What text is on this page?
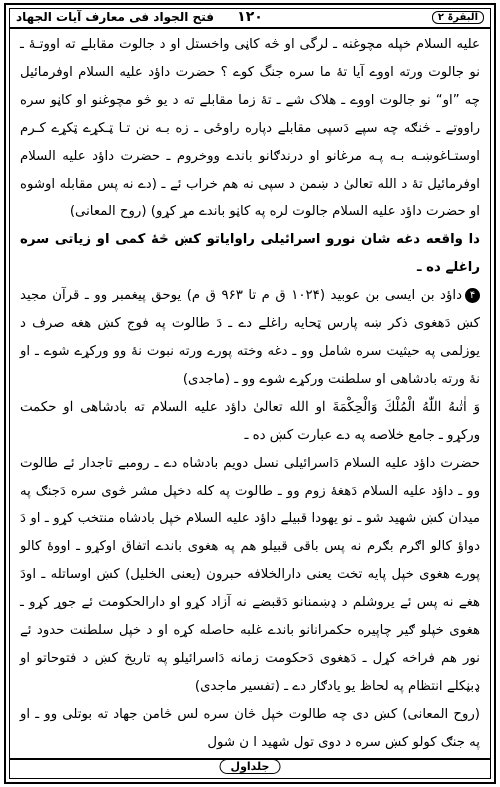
فتح الجواد فی معارف آیات الجھاد	۱۲۰	البقرۃ ۲

علیه السلام خپله مچوغنه ـ لرگی او څه کاڼی واخستل او د جالوت مقابلے ته اووتـۀ ـ نو جالوت ورته اووے آیا تۀ ما سره جنگ کوے ؟ حضرت داؤد علیه السلام اوفرمائیل چه ”او“ نو جالوت اووے ـ هلاک شے ـ تۀ زما مقابلے ته د یو څو مچوغنو او کاڼو سره راووتے ـ څنګه چه سپے دَسپی مقابلے دپاره راوځی ـ زه بـه نن تـا ټـکړے ټکړے کـرم اوستـاغوښـه بـه پـه مرغانو او درندګانو باندے ووخروم ـ حضرت داؤد علیه السلام اوفرمائیل تۀ د الله تعالیٰ د ښمن د سپی نه هم خراب ئے ـ (دے نه پس مقابله اوشوه او حضرت داؤد علیه السلام جالوت لره په کاڼو باندے مړ کړو) (روح المعانی)

دا واقعه دغه شان نورو اسرائیلی راوایاتو کښ څۀ کمی او زیاتی سره راغلے ده ـ

۴داؤد بن ایسی بن عوبید (۱۰۲۴ ق م تا ۹۶۳ ق م) یوحق پیغمبر وو ـ قرآن مجید کښ دَهغوی ذکر ښه پارس ټحایه راغلے دے ـ دَ طالوت په فوج کښ هغه صرف د یوزلمی په حیثیت سره شامل وو ـ دغه وخته پورے ورته نبوت نۀ وو ورکړے شوے ـ او نۀ ورته بادشاهی او سلطنت ورکړے شوے وو ـ (ماجدی)

وَ اٰتٰىهُ اللّٰهُ الْمُلْكَ وَالْحِكْمَةَ او الله تعالیٰ داؤد علیه السلام ته بادشاهی او حکمت ورکړو ـ جامع خلاصه په دے عبارت کښ ده ـ

حضرت داؤد علیه السلام دَاسرائیلی نسل دویم بادشاه دے ـ رومبے تاجدار ئے طالوت وو ـ داؤد علیه السلام دَهغۀ زوم وو ـ طالوت په کله دخپل مشر څوی سره دَجنګ په میدان کښ شهید شو ـ نو یهودا قبیلے داؤد علیه السلام خپل بادشاه منتخب کړو ـ او دَ دواؤ کالو اګرم بګرم نه پس باقی قبیلو هم په هغوی باندے اتفاق اوکړو ـ اووۀ کالو پورے هغوی خپل پایه تخت یعنی دارالخلافه حبرون (یعنی الخلیل) کښ اوساتله ـ اودَ هغے نه پس ئے یروشلم د ډښمنانو دَقبضے نه آزاد کړو او دارالحکومت ئے جوړ کړو ـ هغوی خپلو ګیر چاپیره حکمرانانو باندے غلبه حاصله کړه او د خپل سلطنت حدود ئے نور هم فراخه کړل ـ دَهغوی دَحکومت زمانه دَاسرائیلو په تاریخ کښ د فتوحاتو او ډبڼکلے انتظام په لحاظ یو یادګار دے ـ (تفسیر ماجدی)

(روح المعانی) کښ دی چه طالوت خپل څان سره لس څامن جهاد ته بوتلی وو ـ او په جنګ کولو کښ سره د دوی تول شهید ا ن شول

جلداول
